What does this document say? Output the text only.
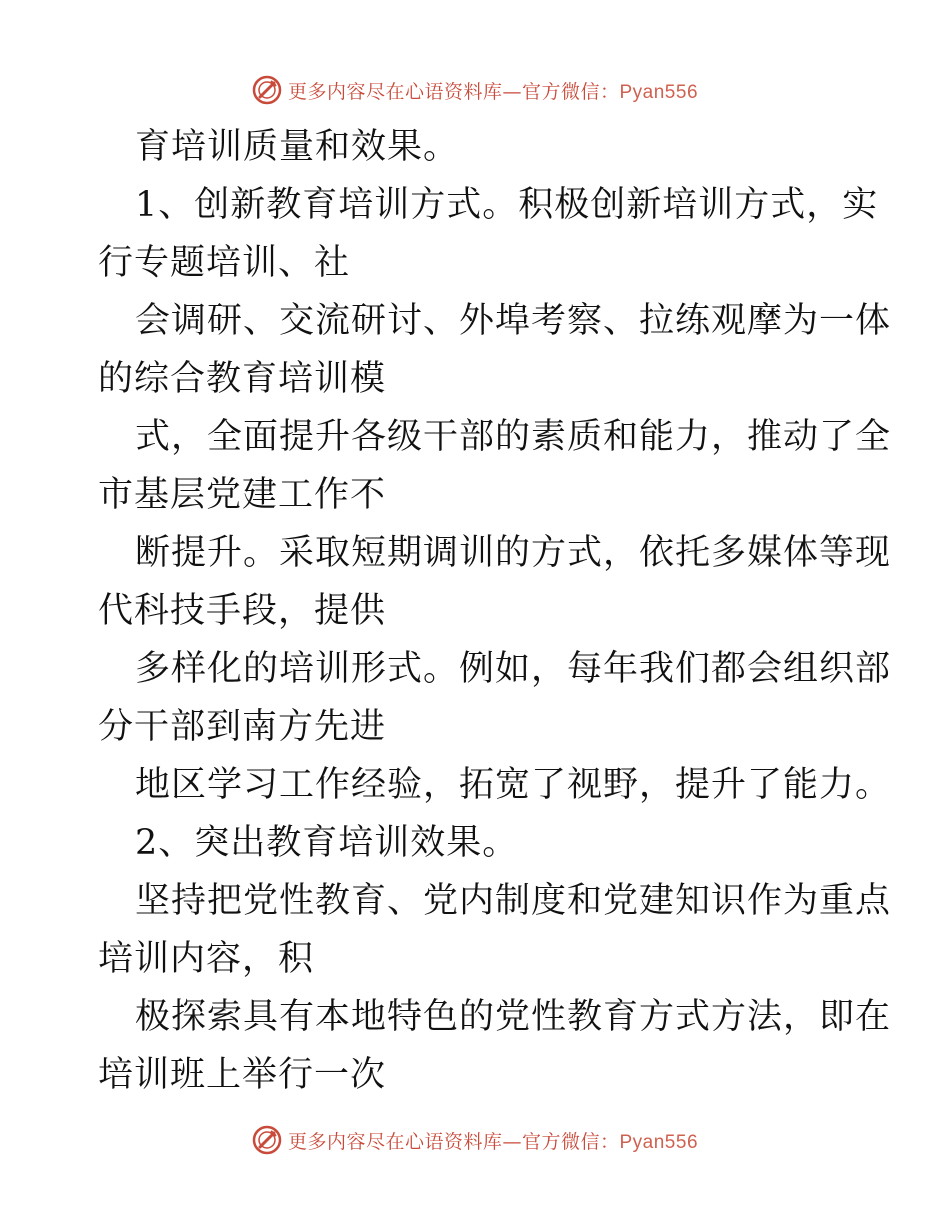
更多内容尽在心语资料库—官方微信：Pyan556
育培训质量和效果。
1、创新教育培训方式。积极创新培训方式，实
行专题培训、社
会调研、交流研讨、外埠考察、拉练观摩为一体
的综合教育培训模
式，全面提升各级干部的素质和能力，推动了全
市基层党建工作不
断提升。采取短期调训的方式，依托多媒体等现
代科技手段，提供
多样化的培训形式。例如，每年我们都会组织部
分干部到南方先进
地区学习工作经验，拓宽了视野，提升了能力。
2、突出教育培训效果。
坚持把党性教育、党内制度和党建知识作为重点
培训内容，积
极探索具有本地特色的党性教育方式方法，即在
培训班上举行一次
更多内容尽在心语资料库—官方微信：Pyan556
